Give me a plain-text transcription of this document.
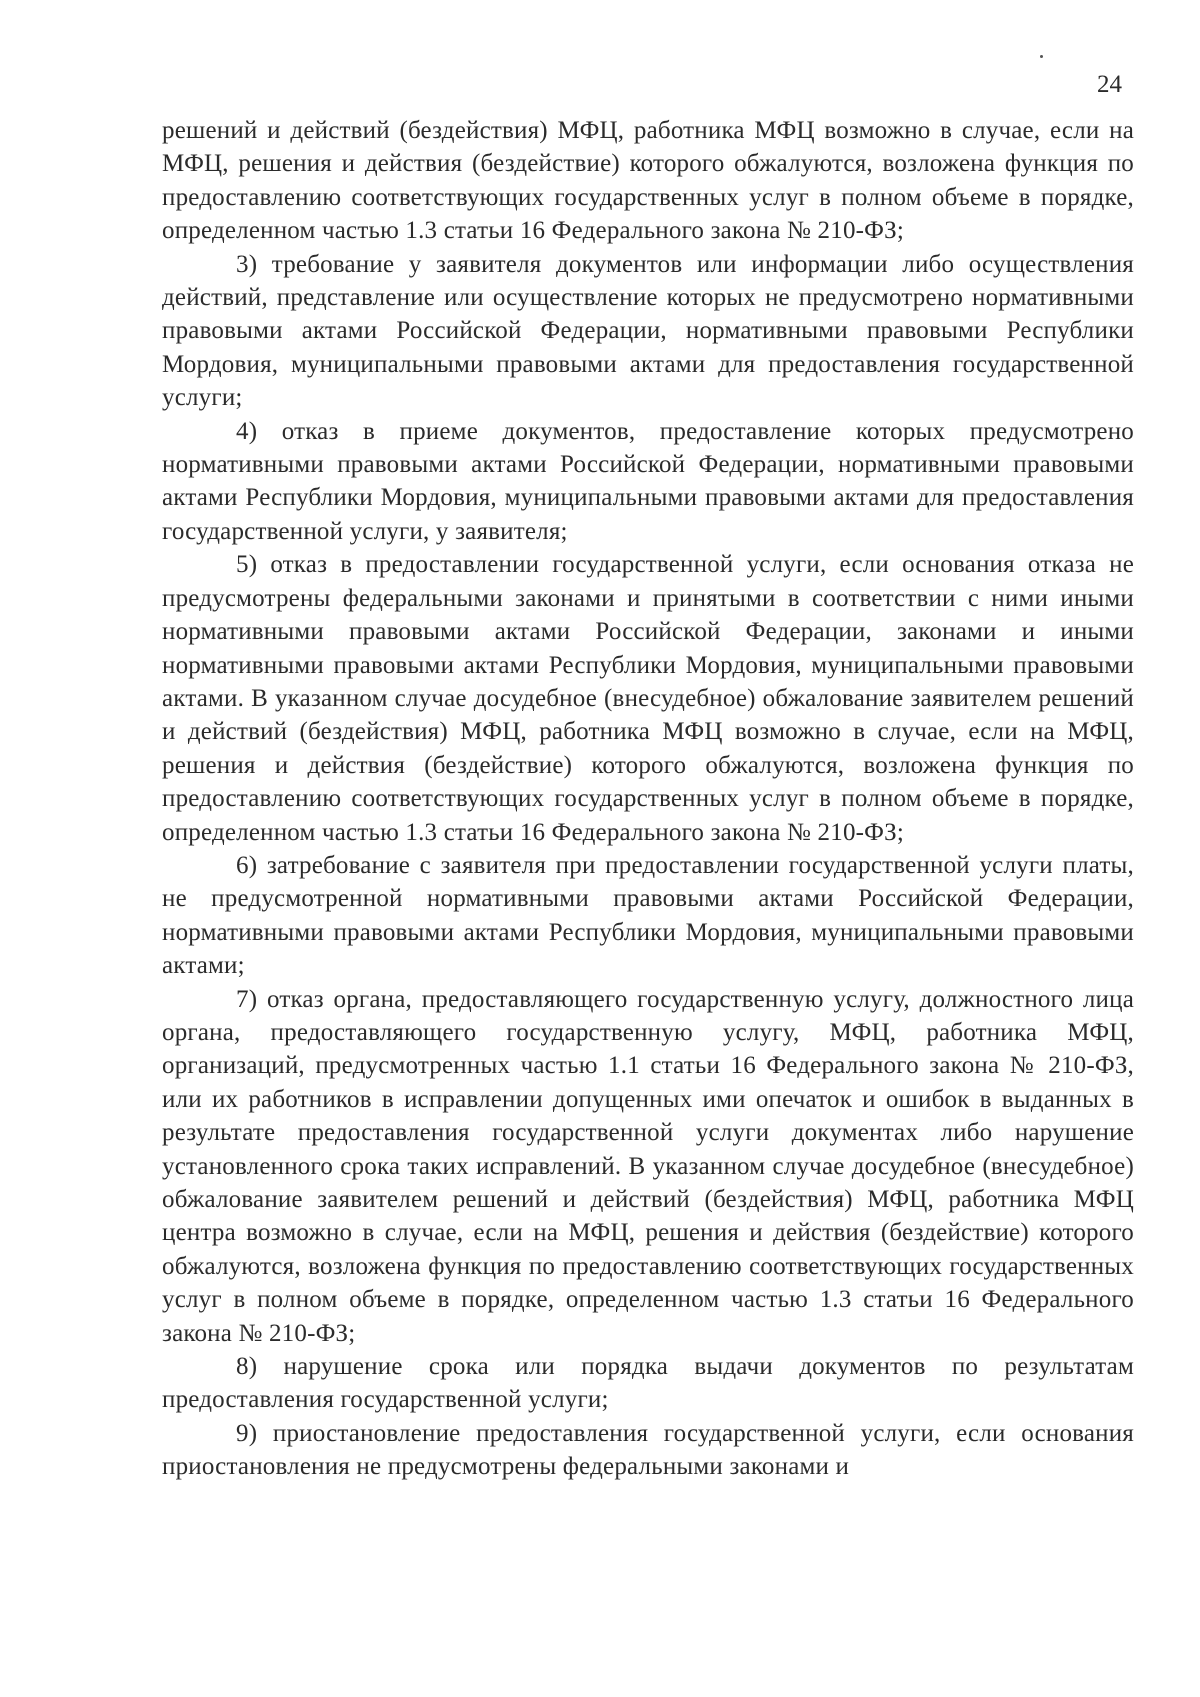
24

решений и действий (бездействия) МФЦ, работника МФЦ возможно в случае, если на МФЦ, решения и действия (бездействие) которого обжалуются, возложена функция по предоставлению соответствующих государственных услуг в полном объеме в порядке, определенном частью 1.3 статьи 16 Федерального закона № 210-ФЗ;

3) требование у заявителя документов или информации либо осуществления действий, представление или осуществление которых не предусмотрено нормативными правовыми актами Российской Федерации, нормативными правовыми Республики Мордовия, муниципальными правовыми актами для предоставления государственной услуги;

4) отказ в приеме документов, предоставление которых предусмотрено нормативными правовыми актами Российской Федерации, нормативными правовыми актами Республики Мордовия, муниципальными правовыми актами для предоставления государственной услуги, у заявителя;

5) отказ в предоставлении государственной услуги, если основания отказа не предусмотрены федеральными законами и принятыми в соответствии с ними иными нормативными правовыми актами Российской Федерации, законами и иными нормативными правовыми актами Республики Мордовия, муниципальными правовыми актами. В указанном случае досудебное (внесудебное) обжалование заявителем решений и действий (бездействия) МФЦ, работника МФЦ возможно в случае, если на МФЦ, решения и действия (бездействие) которого обжалуются, возложена функция по предоставлению соответствующих государственных услуг в полном объеме в порядке, определенном частью 1.3 статьи 16 Федерального закона № 210-ФЗ;

6) затребование с заявителя при предоставлении государственной услуги платы, не предусмотренной нормативными правовыми актами Российской Федерации, нормативными правовыми актами Республики Мордовия, муниципальными правовыми актами;

7) отказ органа, предоставляющего государственную услугу, должностного лица органа, предоставляющего государственную услугу, МФЦ, работника МФЦ, организаций, предусмотренных частью 1.1 статьи 16 Федерального закона № 210-ФЗ, или их работников в исправлении допущенных ими опечаток и ошибок в выданных в результате предоставления государственной услуги документах либо нарушение установленного срока таких исправлений. В указанном случае досудебное (внесудебное) обжалование заявителем решений и действий (бездействия) МФЦ, работника МФЦ центра возможно в случае, если на МФЦ, решения и действия (бездействие) которого обжалуются, возложена функция по предоставлению соответствующих государственных услуг в полном объеме в порядке, определенном частью 1.3 статьи 16 Федерального закона № 210-ФЗ;

8) нарушение срока или порядка выдачи документов по результатам предоставления государственной услуги;

9) приостановление предоставления государственной услуги, если основания приостановления не предусмотрены федеральными законами и
